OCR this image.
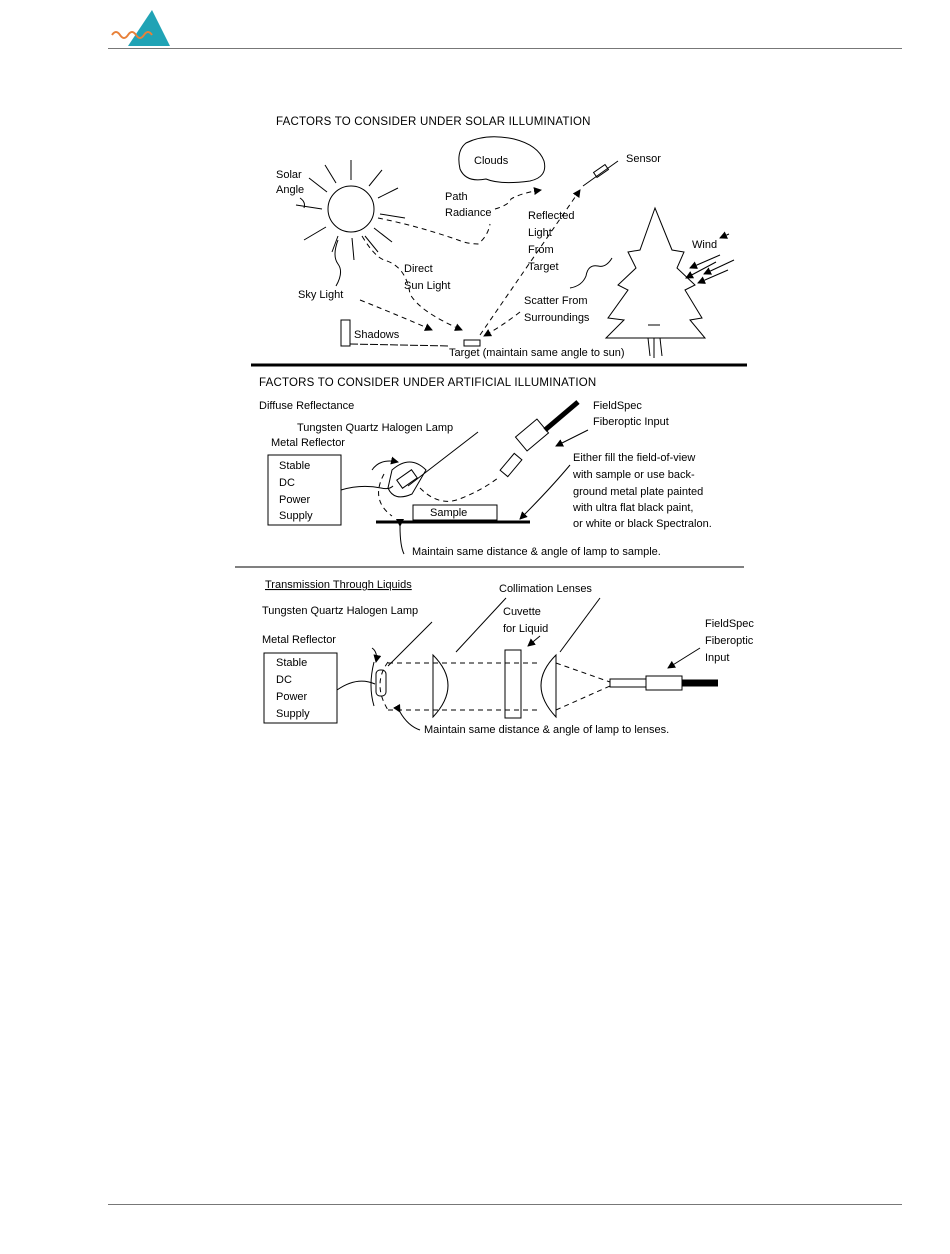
FACTORS TO CONSIDER UNDER SOLAR ILLUMINATION
Solar
Angle
Clouds	Sensor
Path
Radiance	Reflected
Light
From
Target
Wind
Direct
Sun Light
Sky Light	Scatter From
Surroundings
Shadows
Target (maintain same angle to sun)
FACTORS TO CONSIDER UNDER ARTIFICIAL ILLUMINATION
Diffuse Reflectance
Tungsten Quartz Halogen Lamp
Metal Reflector
FieldSpec
Fiberoptic Input
Stable
DC
Power
Supply	Sample
Either fill the field-of-view
with sample or use back-
ground metal plate painted
with ultra flat black paint,
or white or black Spectralon.
Maintain same distance & angle of lamp to sample.
Transmission Through Liquids	Collimation Lenses
Tungsten Quartz Halogen Lamp	Cuvette
for Liquid	FieldSpec
Fiberoptic
Input
Metal Reflector
Stable
DC
Power
Supply
Maintain same distance & angle of lamp to lenses.
